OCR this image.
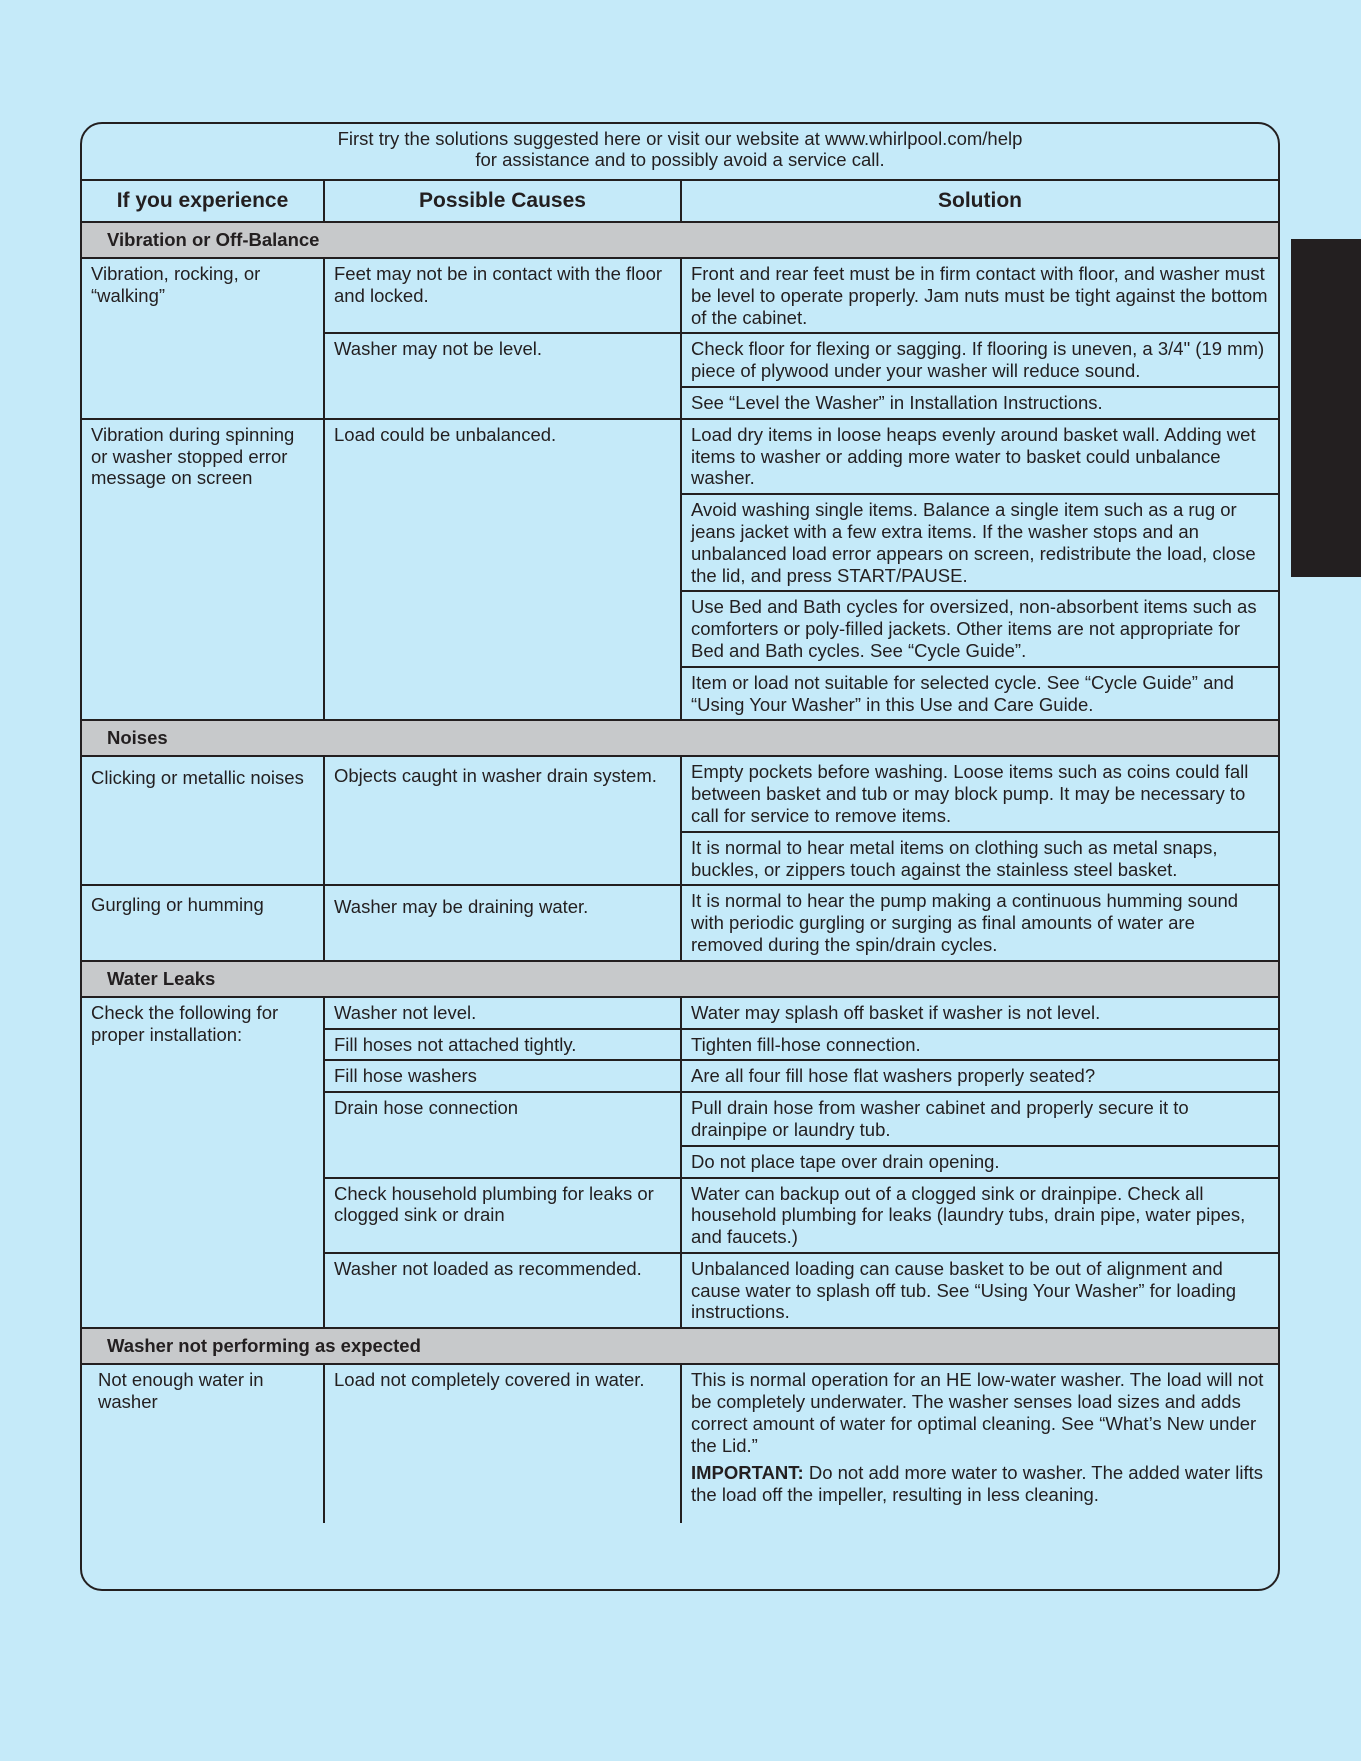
First try the solutions suggested here or visit our website at www.whirlpool.com/help
for assistance and to possibly avoid a service call.
If you experience	Possible Causes	Solution
Vibration or Off-Balance		
Vibration, rocking, or “walking”	Feet may not be in contact with the floor and locked.	Front and rear feet must be in firm contact with floor, and washer must be level to operate properly. Jam nuts must be tight against the bottom of the cabinet.
	Washer may not be level.	Check floor for flexing or sagging. If flooring is uneven, a 3/4" (19 mm) piece of plywood under your washer will reduce sound.
		See “Level the Washer” in Installation Instructions.
Vibration during spinning or washer stopped error message on screen	Load could be unbalanced.	Load dry items in loose heaps evenly around basket wall. Adding wet items to washer or adding more water to basket could unbalance washer.
		Avoid washing single items. Balance a single item such as a rug or jeans jacket with a few extra items. If the washer stops and an unbalanced load error appears on screen, redistribute the load, close the lid, and press START/PAUSE.
		Use Bed and Bath cycles for oversized, non-absorbent items such as comforters or poly-filled jackets. Other items are not appropriate for Bed and Bath cycles. See “Cycle Guide”.
		Item or load not suitable for selected cycle. See “Cycle Guide” and “Using Your Washer” in this Use and Care Guide.
Noises		
Clicking or metallic noises	Objects caught in washer drain system.	Empty pockets before washing. Loose items such as coins could fall between basket and tub or may block pump. It may be necessary to call for service to remove items.
		It is normal to hear metal items on clothing such as metal snaps, buckles, or zippers touch against the stainless steel basket.
Gurgling or humming	Washer may be draining water.	It is normal to hear the pump making a continuous humming sound with periodic gurgling or surging as final amounts of water are removed during the spin/drain cycles.
Water Leaks		
Check the following for proper installation:	Washer not level.	Water may splash off basket if washer is not level.
	Fill hoses not attached tightly.	Tighten fill-hose connection.
	Fill hose washers	Are all four fill hose flat washers properly seated?
	Drain hose connection	Pull drain hose from washer cabinet and properly secure it to drainpipe or laundry tub.
		Do not place tape over drain opening.
	Check household plumbing for leaks or clogged sink or drain	Water can backup out of a clogged sink or drainpipe. Check all household plumbing for leaks (laundry tubs, drain pipe, water pipes, and faucets.)
	Washer not loaded as recommended.	Unbalanced loading can cause basket to be out of alignment and cause water to splash off tub. See “Using Your Washer” for loading instructions.
Washer not performing as expected		
Not enough water in washer	Load not completely covered in water.	This is normal operation for an HE low-water washer. The load will not be completely underwater. The washer senses load sizes and adds correct amount of water for optimal cleaning. See “What’s New under the Lid.”
IMPORTANT: Do not add more water to washer. The added water lifts the load off the impeller, resulting in less cleaning.
